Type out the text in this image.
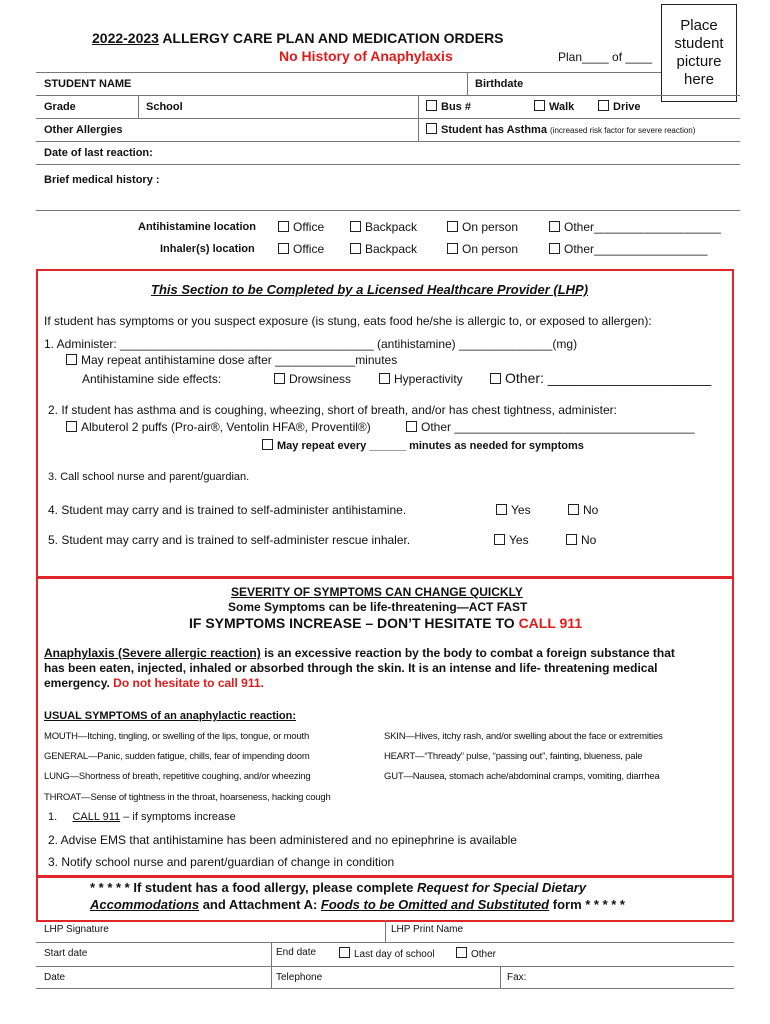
2022-2023 ALLERGY CARE PLAN AND MEDICATION ORDERS
No History of Anaphylaxis	Plan____ of ____
Place
student
picture
here
STUDENT NAME	Birthdate
Grade	School	Bus #	Walk	Drive
Other Allergies	Student has Asthma (increased risk factor for severe reaction)
Date of last reaction:
Brief medical history :
Antihistamine location	Office	Backpack	On person	Other___________________
Inhaler(s) location	Office	Backpack	On person	Other_________________
This Section to be Completed by a Licensed Healthcare Provider (LHP)
If student has symptoms or you suspect exposure (is stung, eats food he/she is allergic to, or exposed to allergen):
1. Administer: ______________________________________ (antihistamine) ______________(mg)
May repeat antihistamine dose after ____________minutes
Antihistamine side effects:	Drowsiness	Hyperactivity	Other: _____________________
2. If student has asthma and is coughing, wheezing, short of breath, and/or has chest tightness, administer:
Albuterol 2 puffs (Pro-air®, Ventolin HFA®, Proventil®)	Other ____________________________________
May repeat every ______ minutes as needed for symptoms
3. Call school nurse and parent/guardian.
4. Student may carry and is trained to self-administer antihistamine.	Yes	No
5. Student may carry and is trained to self-administer rescue inhaler.	Yes	No
SEVERITY OF SYMPTOMS CAN CHANGE QUICKLY
Some Symptoms can be life-threatening—ACT FAST
IF SYMPTOMS INCREASE – DON’T HESITATE TO CALL 911
Anaphylaxis (Severe allergic reaction) is an excessive reaction by the body to combat a foreign substance that
has been eaten, injected, inhaled or absorbed through the skin. It is an intense and life- threatening medical
emergency. Do not hesitate to call 911.
USUAL SYMPTOMS of an anaphylactic reaction:
MOUTH—Itching, tingling, or swelling of the lips, tongue, or mouth	SKIN—Hives, itchy rash, and/or swelling about the face or extremities
GENERAL—Panic, sudden fatigue, chills, fear of impending doom	HEART—“Thready” pulse, “passing out”, fainting, blueness, pale
LUNG—Shortness of breath, repetitive coughing, and/or wheezing	GUT—Nausea, stomach ache/abdominal cramps, vomiting, diarrhea
THROAT—Sense of tightness in the throat, hoarseness, hacking cough
1. CALL 911 – if symptoms increase
2. Advise EMS that antihistamine has been administered and no epinephrine is available
3. Notify school nurse and parent/guardian of change in condition
* * * * * If student has a food allergy, please complete Request for Special Dietary
Accommodations and Attachment A: Foods to be Omitted and Substituted form * * * * *
LHP Signature	LHP Print Name
Start date	End date	Last day of school	Other
Date	Telephone	Fax:
